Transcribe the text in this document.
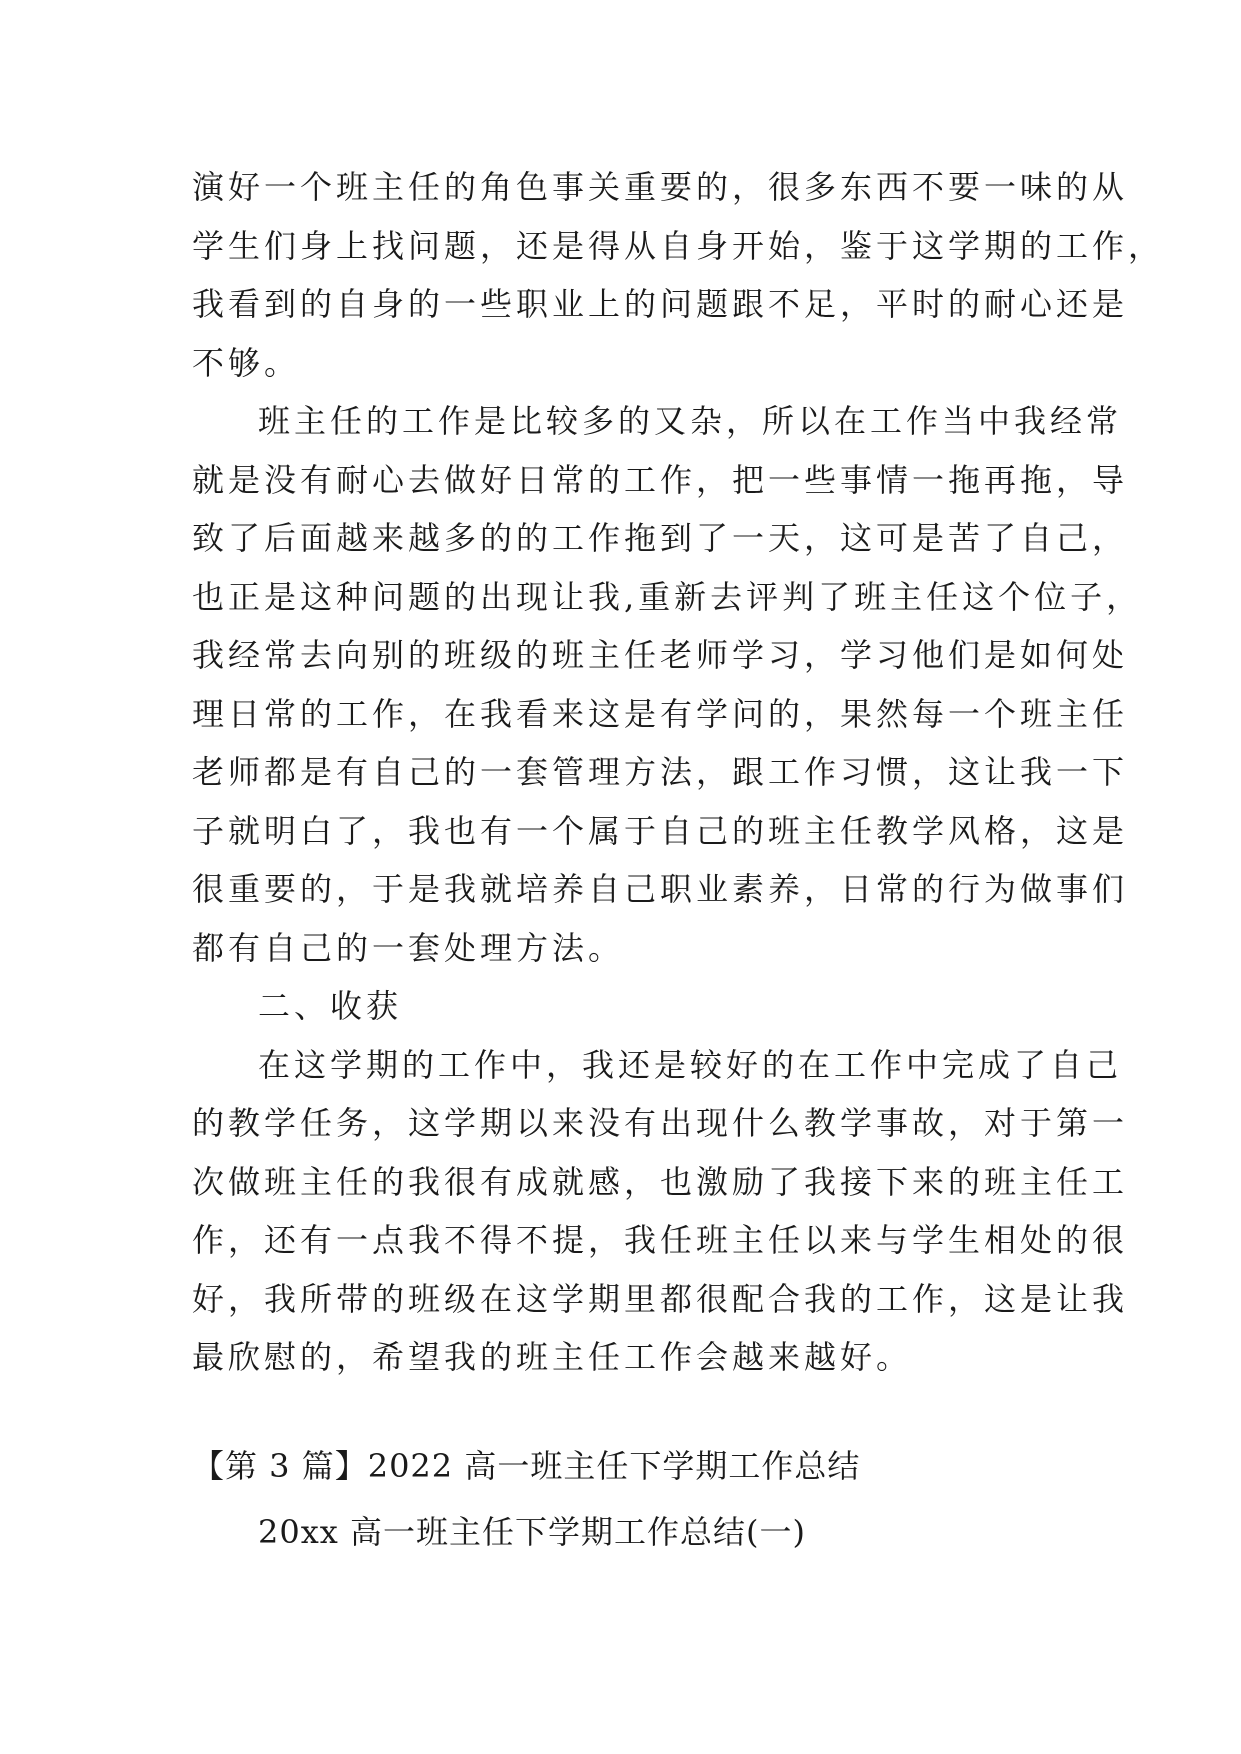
演好一个班主任的角色事关重要的，很多东西不要一味的从
学生们身上找问题，还是得从自身开始，鉴于这学期的工作，
我看到的自身的一些职业上的问题跟不足，平时的耐心还是
不够。
班主任的工作是比较多的又杂，所以在工作当中我经常
就是没有耐心去做好日常的工作，把一些事情一拖再拖，导
致了后面越来越多的的工作拖到了一天，这可是苦了自己，
也正是这种问题的出现让我,重新去评判了班主任这个位子，
我经常去向别的班级的班主任老师学习，学习他们是如何处
理日常的工作，在我看来这是有学问的，果然每一个班主任
老师都是有自己的一套管理方法，跟工作习惯，这让我一下
子就明白了，我也有一个属于自己的班主任教学风格，这是
很重要的，于是我就培养自己职业素养，日常的行为做事们
都有自己的一套处理方法。
二、收获
在这学期的工作中，我还是较好的在工作中完成了自己
的教学任务，这学期以来没有出现什么教学事故，对于第一
次做班主任的我很有成就感，也激励了我接下来的班主任工
作，还有一点我不得不提，我任班主任以来与学生相处的很
好，我所带的班级在这学期里都很配合我的工作，这是让我
最欣慰的，希望我的班主任工作会越来越好。
【第 3 篇】2022 高一班主任下学期工作总结
20xx 高一班主任下学期工作总结(一)
